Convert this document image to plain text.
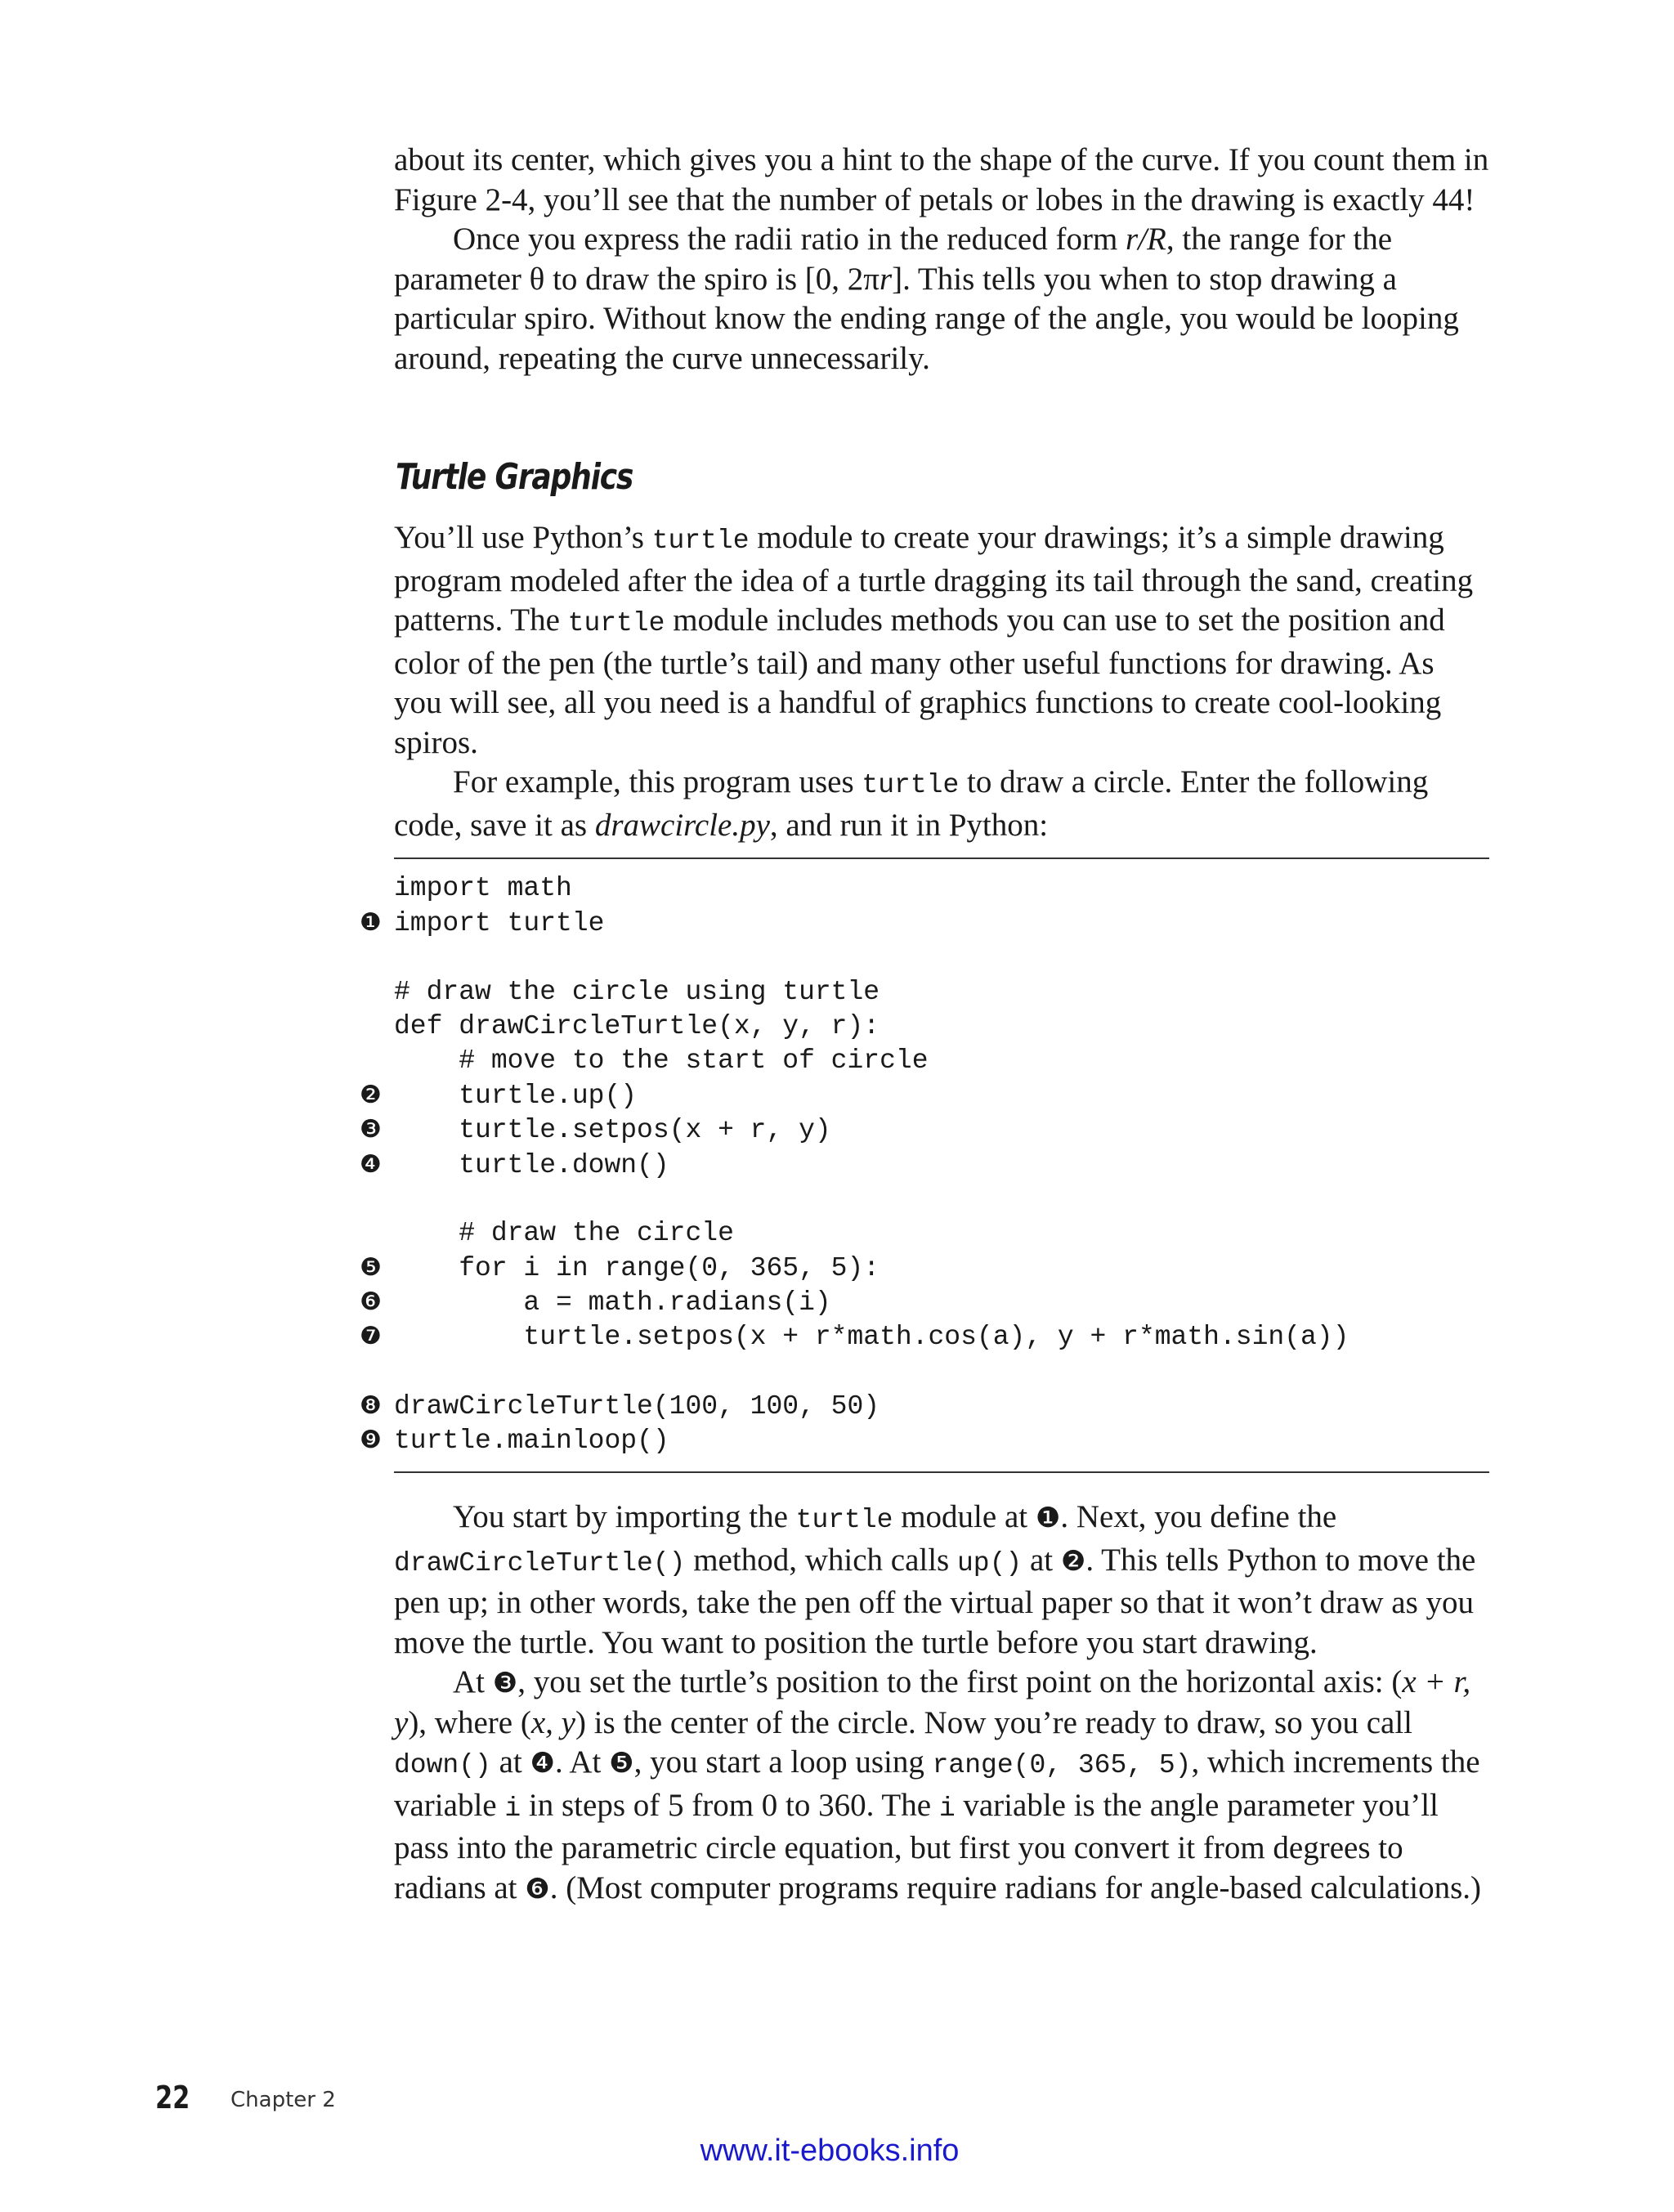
about its center, which gives you a hint to the shape of the curve. If you count them in Figure 2-4, you’ll see that the number of petals or lobes in the drawing is exactly 44!

Once you express the radii ratio in the reduced form r/R, the range for the parameter θ to draw the spiro is [0, 2πr]. This tells you when to stop drawing a particular spiro. Without know the ending range of the angle, you would be looping around, repeating the curve unnecessarily.

Turtle Graphics

You’ll use Python’s turtle module to create your drawings; it’s a simple drawing program modeled after the idea of a turtle dragging its tail through the sand, creating patterns. The turtle module includes methods you can use to set the position and color of the pen (the turtle’s tail) and many other useful functions for drawing. As you will see, all you need is a handful of graphics functions to create cool-looking spiros.

For example, this program uses turtle to draw a circle. Enter the following code, save it as drawcircle.py, and run it in Python:

import math
❶ import turtle
# draw the circle using turtle
def drawCircleTurtle(x, y, r):
# move to the start of circle
❷    turtle.up()
❸    turtle.setpos(x + r, y)
❹    turtle.down()
# draw the circle
❺    for i in range(0, 365, 5):
❻        a = math.radians(i)
❼        turtle.setpos(x + r*math.cos(a), y + r*math.sin(a))
❽ drawCircleTurtle(100, 100, 50)
❾ turtle.mainloop()

You start by importing the turtle module at ❶. Next, you define the drawCircleTurtle() method, which calls up() at ❷. This tells Python to move the pen up; in other words, take the pen off the virtual paper so that it won’t draw as you move the turtle. You want to position the turtle before you start drawing.

At ❸, you set the turtle’s position to the first point on the horizontal axis: (x + r, y), where (x, y) is the center of the circle. Now you’re ready to draw, so you call down() at ❹. At ❺, you start a loop using range(0, 365, 5), which increments the variable i in steps of 5 from 0 to 360. The i variable is the angle parameter you’ll pass into the parametric circle equation, but first you convert it from degrees to radians at ❻. (Most computer programs require radians for angle-based calculations.)

22 Chapter 2
www.it-ebooks.info
